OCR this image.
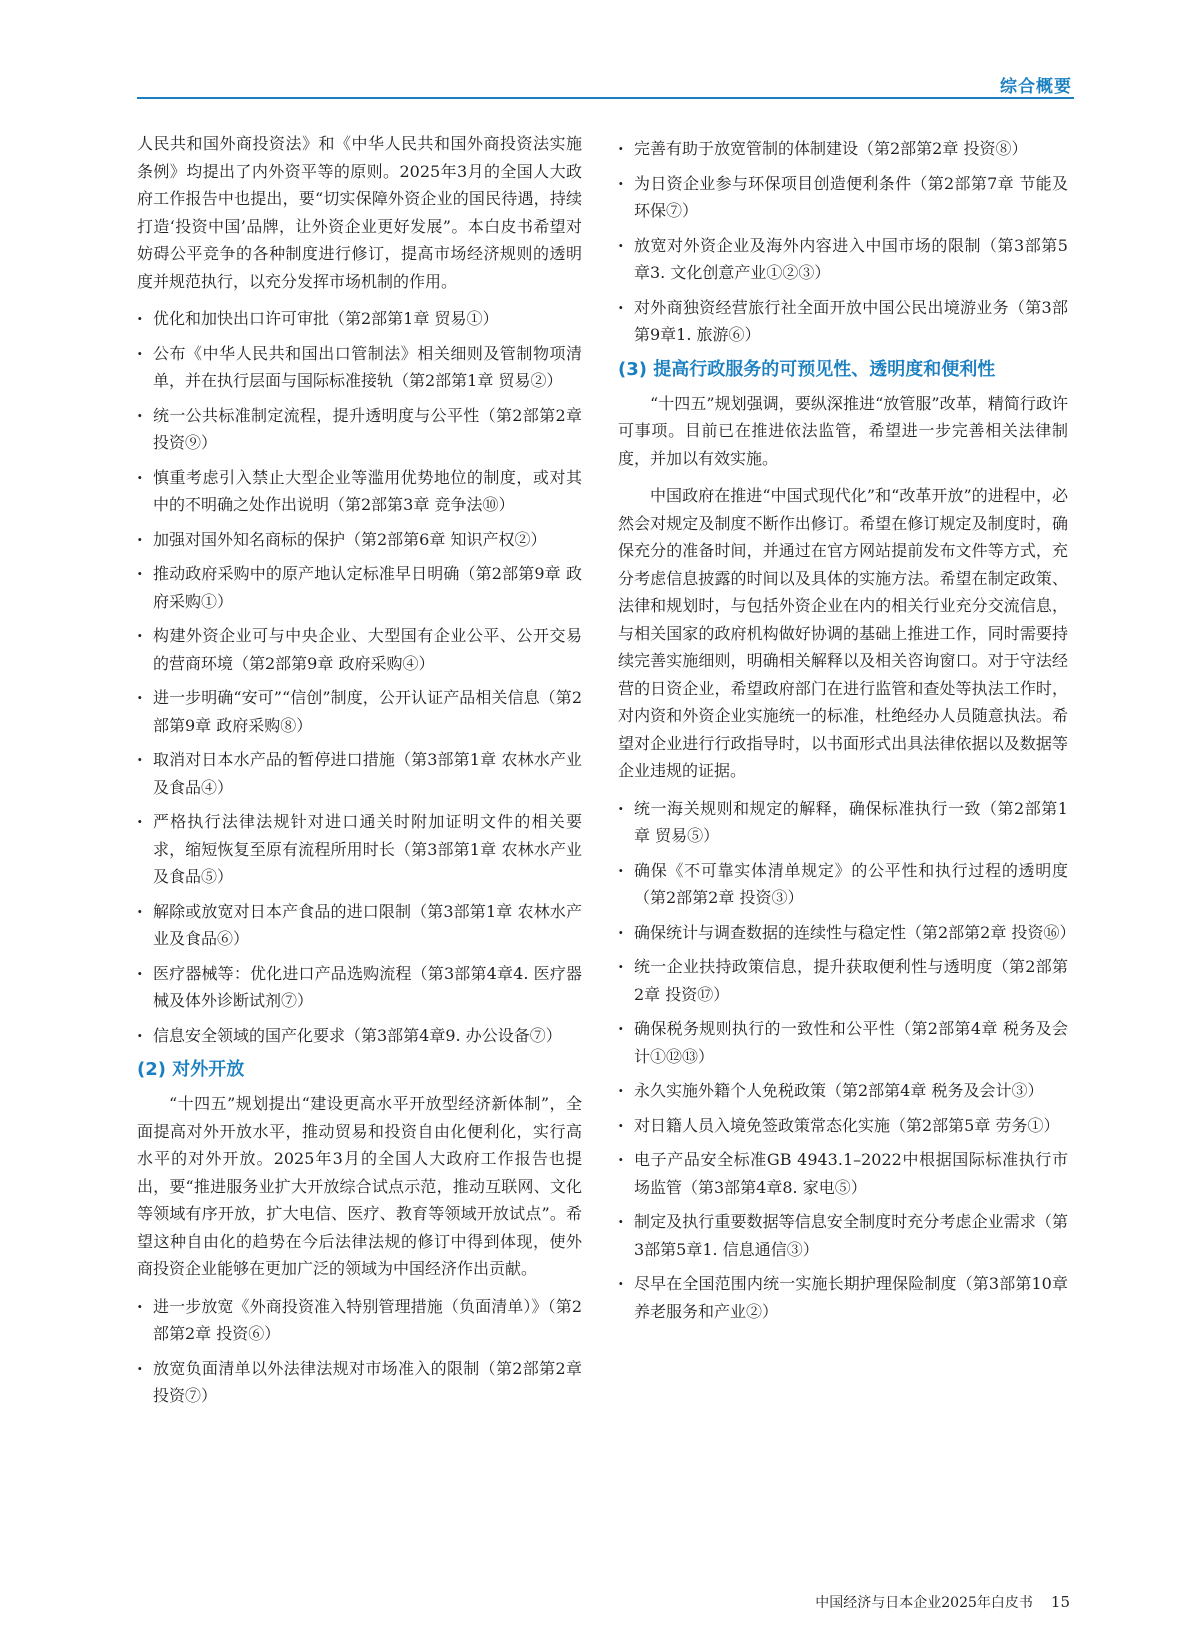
综合概要

人民共和国外商投资法》和《中华人民共和国外商投资法实施条例》均提出了内外资平等的原则。2025年3月的全国人大政府工作报告中也提出，要“切实保障外资企业的国民待遇，持续打造‘投资中国’品牌，让外资企业更好发展”。本白皮书希望对妨碍公平竞争的各种制度进行修订，提高市场经济规则的透明度并规范执行，以充分发挥市场机制的作用。

· 优化和加快出口许可审批（第2部第1章 贸易①）
· 公布《中华人民共和国出口管制法》相关细则及管制物项清单，并在执行层面与国际标准接轨（第2部第1章 贸易②）
· 统一公共标准制定流程，提升透明度与公平性（第2部第2章 投资⑨）
· 慎重考虑引入禁止大型企业等滥用优势地位的制度，或对其中的不明确之处作出说明（第2部第3章 竞争法⑩）
· 加强对国外知名商标的保护（第2部第6章 知识产权②）
· 推动政府采购中的原产地认定标准早日明确（第2部第9章 政府采购①）
· 构建外资企业可与中央企业、大型国有企业公平、公开交易的营商环境（第2部第9章 政府采购④）
· 进一步明确“安可”“信创”制度，公开认证产品相关信息（第2部第9章 政府采购⑧）
· 取消对日本水产品的暂停进口措施（第3部第1章 农林水产业及食品④）
· 严格执行法律法规针对进口通关时附加证明文件的相关要求，缩短恢复至原有流程所用时长（第3部第1章 农林水产业及食品⑤）
· 解除或放宽对日本产食品的进口限制（第3部第1章 农林水产业及食品⑥）
· 医疗器械等：优化进口产品选购流程（第3部第4章4. 医疗器械及体外诊断试剂⑦）
· 信息安全领域的国产化要求（第3部第4章9. 办公设备⑦）
(2) 对外开放

“十四五”规划提出“建设更高水平开放型经济新体制”，全面提高对外开放水平，推动贸易和投资自由化便利化，实行高水平的对外开放。2025年3月的全国人大政府工作报告也提出，要“推进服务业扩大开放综合试点示范，推动互联网、文化等领域有序开放，扩大电信、医疗、教育等领域开放试点”。希望这种自由化的趋势在今后法律法规的修订中得到体现，使外商投资企业能够在更加广泛的领域为中国经济作出贡献。

· 进一步放宽《外商投资准入特别管理措施（负面清单）》（第2部第2章 投资⑥）
· 放宽负面清单以外法律法规对市场准入的限制（第2部第2章 投资⑦）
· 完善有助于放宽管制的体制建设（第2部第2章 投资⑧）
· 为日资企业参与环保项目创造便利条件（第2部第7章 节能及环保⑦）
· 放宽对外资企业及海外内容进入中国市场的限制（第3部第5章3. 文化创意产业①②③）
· 对外商独资经营旅行社全面开放中国公民出境游业务（第3部第9章1. 旅游⑥）
(3) 提高行政服务的可预见性、透明度和便利性

“十四五”规划强调，要纵深推进“放管服”改革，精简行政许可事项。目前已在推进依法监管，希望进一步完善相关法律制度，并加以有效实施。

中国政府在推进“中国式现代化”和“改革开放”的进程中，必然会对规定及制度不断作出修订。希望在修订规定及制度时，确保充分的准备时间，并通过在官方网站提前发布文件等方式，充分考虑信息披露的时间以及具体的实施方法。希望在制定政策、法律和规划时，与包括外资企业在内的相关行业充分交流信息，与相关国家的政府机构做好协调的基础上推进工作，同时需要持续完善实施细则，明确相关解释以及相关咨询窗口。对于守法经营的日资企业，希望政府部门在进行监管和查处等执法工作时，对内资和外资企业实施统一的标准，杜绝经办人员随意执法。希望对企业进行行政指导时，以书面形式出具法律依据以及数据等企业违规的证据。

· 统一海关规则和规定的解释，确保标准执行一致（第2部第1章 贸易⑤）
· 确保《不可靠实体清单规定》的公平性和执行过程的透明度（第2部第2章 投资③）
· 确保统计与调查数据的连续性与稳定性（第2部第2章 投资⑯）
· 统一企业扶持政策信息，提升获取便利性与透明度（第2部第2章 投资⑰）
· 确保税务规则执行的一致性和公平性（第2部第4章 税务及会计①⑫⑬）
· 永久实施外籍个人免税政策（第2部第4章 税务及会计③）
· 对日籍人员入境免签政策常态化实施（第2部第5章 劳务①）
· 电子产品安全标准GB 4943.1–2022中根据国际标准执行市场监管（第3部第4章8. 家电⑤）
· 制定及执行重要数据等信息安全制度时充分考虑企业需求（第3部第5章1. 信息通信③）
· 尽早在全国范围内统一实施长期护理保险制度（第3部第10章 养老服务和产业②）
中国经济与日本企业2025年白皮书 15
